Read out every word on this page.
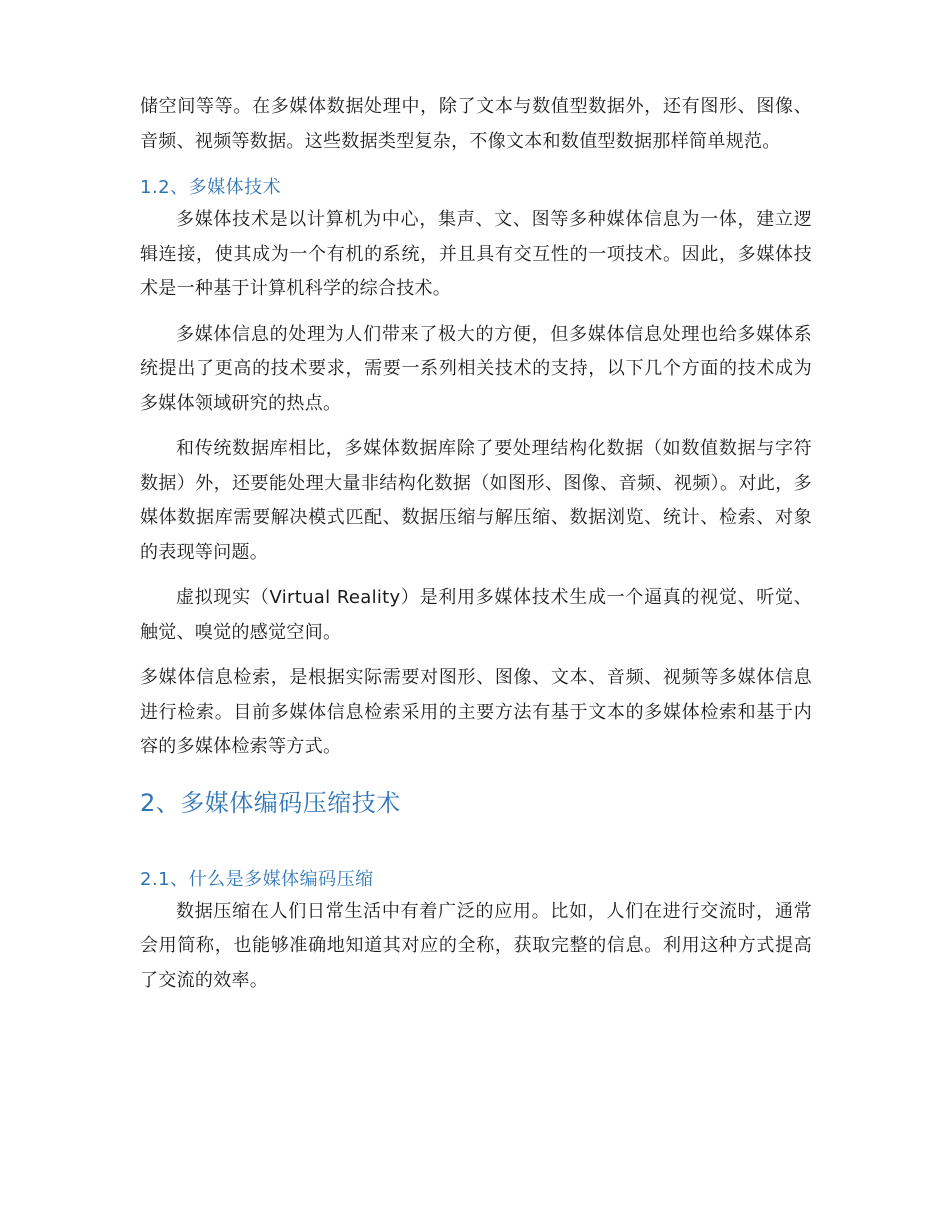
储空间等等。在多媒体数据处理中，除了文本与数值型数据外，还有图形、图像、音频、视频等数据。这些数据类型复杂，不像文本和数值型数据那样简单规范。

1.2、多媒体技术

多媒体技术是以计算机为中心，集声、文、图等多种媒体信息为一体，建立逻辑连接，使其成为一个有机的系统，并且具有交互性的一项技术。因此，多媒体技术是一种基于计算机科学的综合技术。

多媒体信息的处理为人们带来了极大的方便，但多媒体信息处理也给多媒体系统提出了更高的技术要求，需要一系列相关技术的支持，以下几个方面的技术成为多媒体领域研究的热点。

和传统数据库相比，多媒体数据库除了要处理结构化数据（如数值数据与字符数据）外，还要能处理大量非结构化数据（如图形、图像、音频、视频）。对此，多媒体数据库需要解决模式匹配、数据压缩与解压缩、数据浏览、统计、检索、对象的表现等问题。

虚拟现实（Virtual Reality）是利用多媒体技术生成一个逼真的视觉、听觉、触觉、嗅觉的感觉空间。

多媒体信息检索，是根据实际需要对图形、图像、文本、音频、视频等多媒体信息进行检索。目前多媒体信息检索采用的主要方法有基于文本的多媒体检索和基于内容的多媒体检索等方式。

2、多媒体编码压缩技术
2.1、什么是多媒体编码压缩

数据压缩在人们日常生活中有着广泛的应用。比如，人们在进行交流时，通常会用简称，也能够准确地知道其对应的全称，获取完整的信息。利用这种方式提高了交流的效率。
